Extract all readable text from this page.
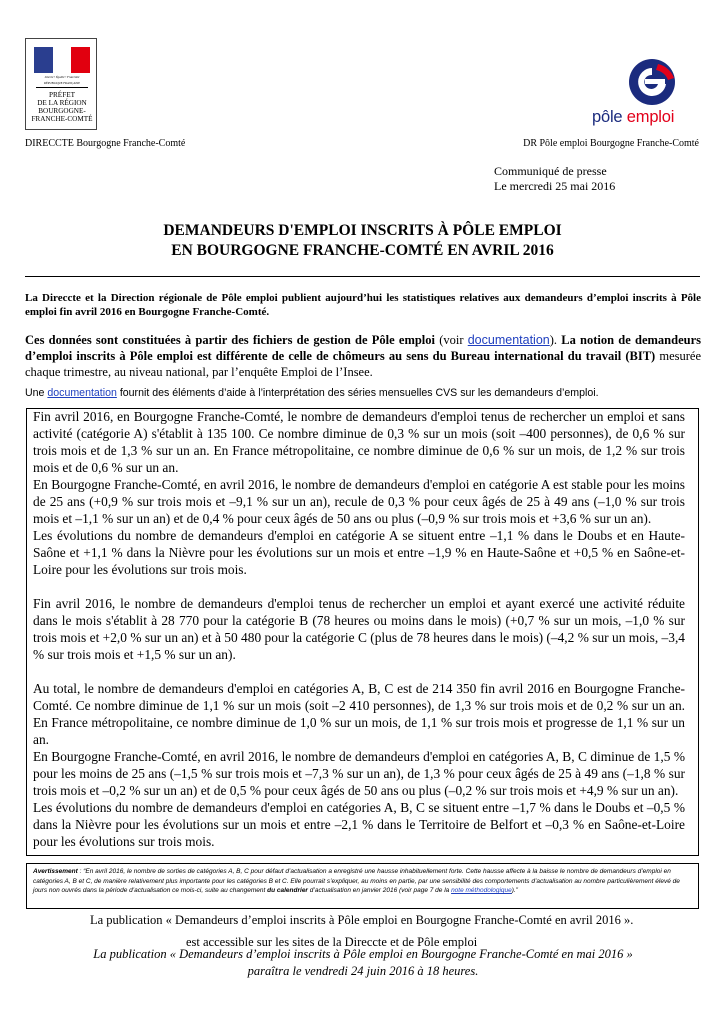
Liberté • Égalité • Fraternité
RÉPUBLIQUE FRANÇAISE
PRÉFET
DE LA RÉGION
BOURGOGNE-
FRANCHE-COMTÉ	pôle emploi
DIRECCTE Bourgogne Franche-Comté	DR Pôle emploi Bourgogne Franche-Comté
Communiqué de presse
Le mercredi 25 mai 2016
DEMANDEURS D'EMPLOI INSCRITS À PÔLE EMPLOI
EN BOURGOGNE FRANCHE-COMTÉ EN AVRIL 2016
La Direccte et la Direction régionale de Pôle emploi publient aujourd’hui les statistiques relatives aux demandeurs d’emploi inscrits à Pôle emploi fin avril 2016 en Bourgogne Franche-Comté.
Ces données sont constituées à partir des fichiers de gestion de Pôle emploi (voir documentation). La notion de demandeurs d’emploi inscrits à Pôle emploi est différente de celle de chômeurs au sens du Bureau international du travail (BIT) mesurée chaque trimestre, au niveau national, par l’enquête Emploi de l’Insee.
Une documentation fournit des éléments d’aide à l’interprétation des séries mensuelles CVS sur les demandeurs d’emploi.

Fin avril 2016, en Bourgogne Franche-Comté, le nombre de demandeurs d'emploi tenus de rechercher un emploi et sans activité (catégorie A) s'établit à 135 100. Ce nombre diminue de 0,3 % sur un mois (soit –400 personnes), de 0,6 % sur trois mois et de 1,3 % sur un an. En France métropolitaine, ce nombre diminue de 0,6 % sur un mois, de 1,2 % sur trois mois et de 0,6 % sur un an.

En Bourgogne Franche-Comté, en avril 2016, le nombre de demandeurs d'emploi en catégorie A est stable pour les moins de 25 ans (+0,9 % sur trois mois et –9,1 % sur un an), recule de 0,3 % pour ceux âgés de 25 à 49 ans (–1,0 % sur trois mois et –1,1 % sur un an) et de 0,4 % pour ceux âgés de 50 ans ou plus (–0,9 % sur trois mois et +3,6 % sur un an).

Les évolutions du nombre de demandeurs d'emploi en catégorie A se situent entre –1,1 % dans le Doubs et en Haute-Saône et +1,1 % dans la Nièvre pour les évolutions sur un mois et entre –1,9 % en Haute-Saône et +0,5 % en Saône-et-Loire pour les évolutions sur trois mois.

Fin avril 2016, le nombre de demandeurs d'emploi tenus de rechercher un emploi et ayant exercé une activité réduite dans le mois s'établit à 28 770 pour la catégorie B (78 heures ou moins dans le mois) (+0,7 % sur un mois, –1,0 % sur trois mois et +2,0 % sur un an) et à 50 480 pour la catégorie C (plus de 78 heures dans le mois) (–4,2 % sur un mois, –3,4 % sur trois mois et +1,5 % sur un an).

Au total, le nombre de demandeurs d'emploi en catégories A, B, C est de 214 350 fin avril 2016 en Bourgogne Franche-Comté. Ce nombre diminue de 1,1 % sur un mois (soit –2 410 personnes), de 1,3 % sur trois mois et de 0,2 % sur un an. En France métropolitaine, ce nombre diminue de 1,0 % sur un mois, de 1,1 % sur trois mois et progresse de 1,1 % sur un an.

En Bourgogne Franche-Comté, en avril 2016, le nombre de demandeurs d'emploi en catégories A, B, C diminue de 1,5 % pour les moins de 25 ans (–1,5 % sur trois mois et –7,3 % sur un an), de 1,3 % pour ceux âgés de 25 à 49 ans (–1,8 % sur trois mois et –0,2 % sur un an) et de 0,5 % pour ceux âgés de 50 ans ou plus (–0,2 % sur trois mois et +4,9 % sur un an).

Les évolutions du nombre de demandeurs d'emploi en catégories A, B, C se situent entre –1,7 % dans le Doubs et –0,5 % dans la Nièvre pour les évolutions sur un mois et entre –2,1 % dans le Territoire de Belfort et –0,3 % en Saône-et-Loire pour les évolutions sur trois mois.

Avertissement : “En avril 2016, le nombre de sorties de catégories A, B, C pour défaut d’actualisation a enregistré une hausse inhabituellement forte. Cette hausse affecte à la baisse le nombre de demandeurs d’emploi en catégories A, B et C, de manière relativement plus importante pour les catégories B et C. Elle pourrait s’expliquer, au moins en partie, par une sensibilité des comportements d’actualisation au nombre particulièrement élevé de jours non ouvrés dans la période d’actualisation ce mois-ci, suite au changement du calendrier d’actualisation en janvier 2016 (voir page 7 de la note méthodologique).”
La publication « Demandeurs d’emploi inscrits à Pôle emploi en Bourgogne Franche-Comté en avril 2016 ».
est accessible sur les sites de la Direccte et de Pôle emploi
La publication « Demandeurs d’emploi inscrits à Pôle emploi en Bourgogne Franche-Comté en mai 2016 »
paraîtra le vendredi 24 juin 2016 à 18 heures.
